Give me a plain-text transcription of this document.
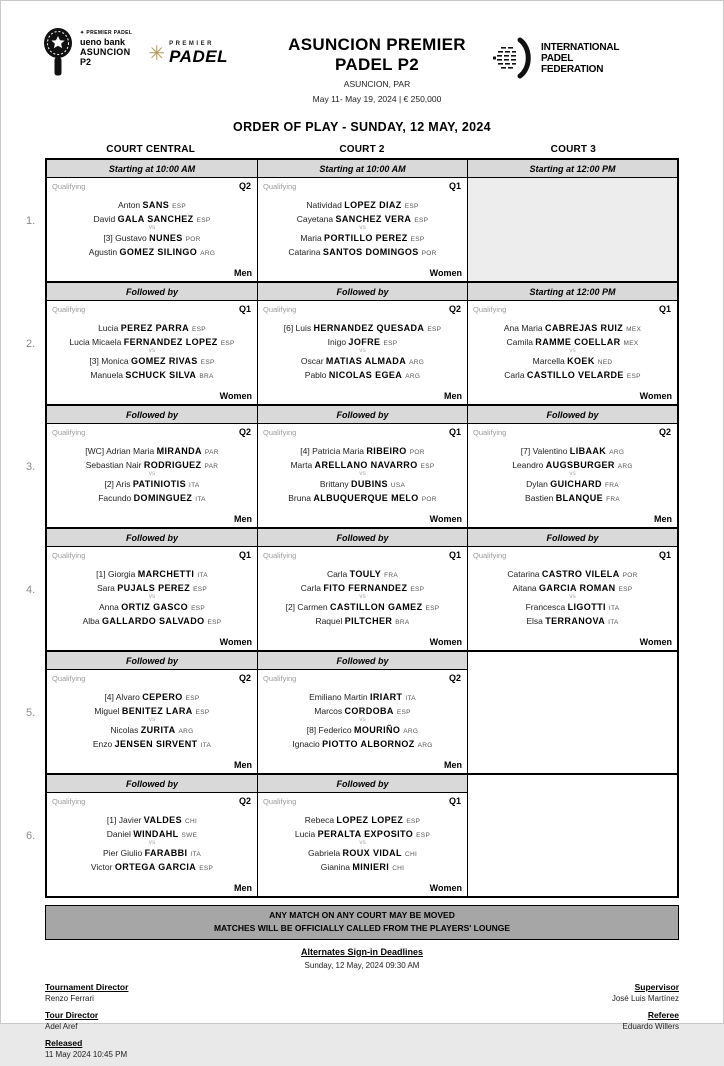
✦ PREMIER PADEL
ueno bank
ASUNCION
P2	✳ PREMIER
PADEL
ASUNCION PREMIER PADEL P2
ASUNCION, PAR
May 11- May 19, 2024 | € 250,000
INTERNATIONAL
PADEL
FEDERATION
ORDER OF PLAY - SUNDAY, 12 MAY, 2024
COURT CENTRAL	COURT 2	COURT 3
1.
Starting at 10:00 AM
Qualifying	Q2
Anton SANS ESP
David GALA SANCHEZ ESP
vs
[3] Gustavo NUNES POR
Agustin GOMEZ SILINGO ARG
Men
Starting at 10:00 AM
Qualifying	Q1
Natividad LOPEZ DIAZ ESP
Cayetana SANCHEZ VERA ESP
vs
Maria PORTILLO PEREZ ESP
Catarina SANTOS DOMINGOS POR
Women
Starting at 12:00 PM
2.
Followed by
Qualifying	Q1
Lucia PEREZ PARRA ESP
Lucia Micaela FERNANDEZ LOPEZ ESP
vs
[3] Monica GOMEZ RIVAS ESP
Manuela SCHUCK SILVA BRA
Women
Followed by
Qualifying	Q2
[6] Luis HERNANDEZ QUESADA ESP
Inigo JOFRE ESP
vs
Oscar MATIAS ALMADA ARG
Pablo NICOLAS EGEA ARG
Men
Starting at 12:00 PM
Qualifying	Q1
Ana Maria CABREJAS RUIZ MEX
Camila RAMME COELLAR MEX
vs
Marcella KOEK NED
Carla CASTILLO VELARDE ESP
Women
3.
Followed by
Qualifying	Q2
[WC] Adrian Maria MIRANDA PAR
Sebastian Nair RODRIGUEZ PAR
vs
[2] Aris PATINIOTIS ITA
Facundo DOMINGUEZ ITA
Men
Followed by
Qualifying	Q1
[4] Patricia Maria RIBEIRO POR
Marta ARELLANO NAVARRO ESP
vs
Brittany DUBINS USA
Bruna ALBUQUERQUE MELO POR
Women
Followed by
Qualifying	Q2
[7] Valentino LIBAAK ARG
Leandro AUGSBURGER ARG
vs
Dylan GUICHARD FRA
Bastien BLANQUE FRA
Men
4.
Followed by
Qualifying	Q1
[1] Giorgia MARCHETTI ITA
Sara PUJALS PEREZ ESP
vs
Anna ORTIZ GASCO ESP
Alba GALLARDO SALVADO ESP
Women
Followed by
Qualifying	Q1
Carla TOULY FRA
Carla FITO FERNANDEZ ESP
vs
[2] Carmen CASTILLON GAMEZ ESP
Raquel PILTCHER BRA
Women
Followed by
Qualifying	Q1
Catarina CASTRO VILELA POR
Aitana GARCIA ROMAN ESP
vs
Francesca LIGOTTI ITA
Elsa TERRANOVA ITA
Women
5.
Followed by
Qualifying	Q2
[4] Alvaro CEPERO ESP
Miguel BENITEZ LARA ESP
vs
Nicolas ZURITA ARG
Enzo JENSEN SIRVENT ITA
Men
Followed by
Qualifying	Q2
Emiliano Martin IRIART ITA
Marcos CORDOBA ESP
vs
[8] Federico MOURIÑO ARG
Ignacio PIOTTO ALBORNOZ ARG
Men
6.
Followed by
Qualifying	Q2
[1] Javier VALDES CHI
Daniel WINDAHL SWE
vs
Pier Giulio FARABBI ITA
Victor ORTEGA GARCIA ESP
Men
Followed by
Qualifying	Q1
Rebeca LOPEZ LOPEZ ESP
Lucia PERALTA EXPOSITO ESP
vs
Gabriela ROUX VIDAL CHI
Gianina MINIERI CHI
Women
ANY MATCH ON ANY COURT MAY BE MOVED
MATCHES WILL BE OFFICIALLY CALLED FROM THE PLAYERS' LOUNGE
Alternates Sign-in Deadlines
Sunday, 12 May, 2024 09:30 AM
Tournament Director
Renzo Ferrari
Tour Director
Adel Aref
Released
11 May 2024 10:45 PM
Supervisor
José Luis Martínez
Referee
Eduardo Willers
